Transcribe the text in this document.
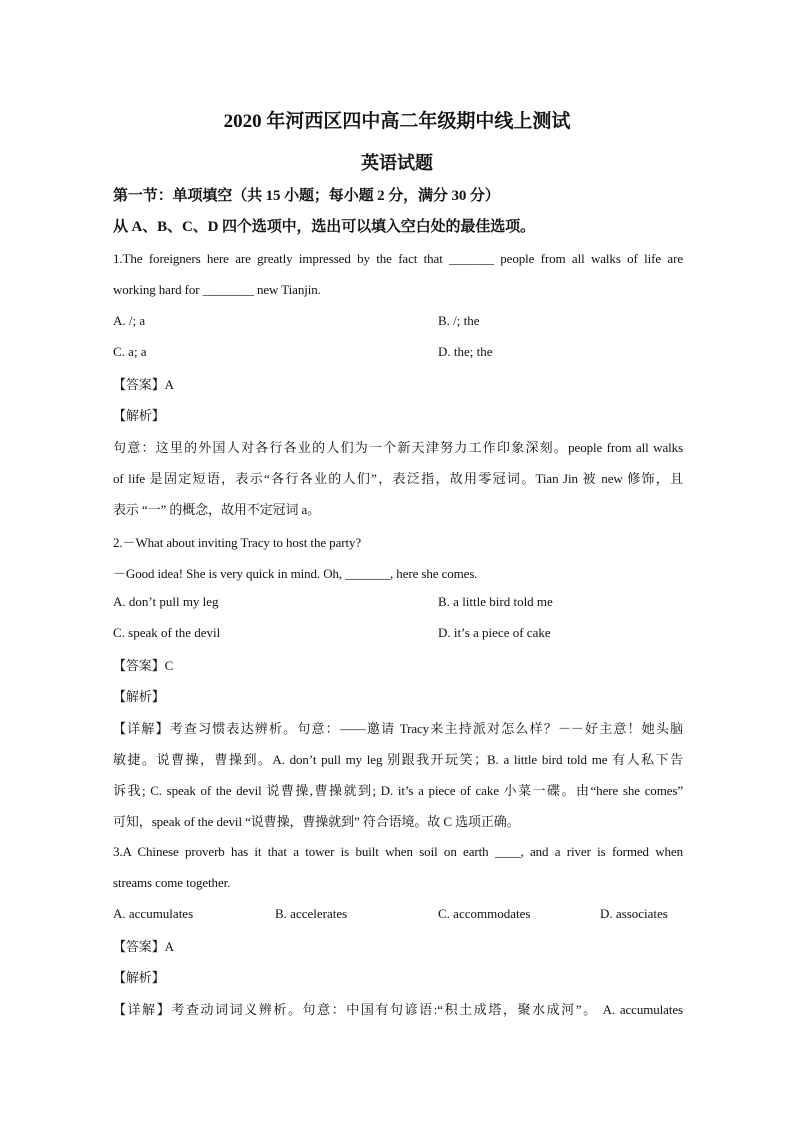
2020 年河西区四中高二年级期中线上测试
英语试题
第一节：单项填空（共 15 小题；每小题 2 分，满分 30 分）
从 A、B、C、D 四个选项中，选出可以填入空白处的最佳选项。
1.The foreigners here are greatly impressed by the fact that _______ people from all walks of life are
working hard for ________ new Tianjin.
A. /; a	B. /; the
C. a; a	D. the; the
【答案】A
【解析】
句意：这里的外国人对各行各业的人们为一个新天津努力工作印象深刻。people from all walks
of life 是固定短语，表示“各行各业的人们”，表泛指，故用零冠词。Tian Jin 被 new 修饰，且
表示 “一” 的概念，故用不定冠词 a。
2.－What about inviting Tracy to host the party?
－Good idea! She is very quick in mind. Oh, _______, here she comes.
A. don’t pull my leg	B. a little bird told me
C. speak of the devil	D. it’s a piece of cake
【答案】C
【解析】
【详解】考查习惯表达辨析。句意：——邀请 Tracy来主持派对怎么样？－－好主意！她头脑
敏捷。说曹操，曹操到。A. don’t pull my leg 别跟我开玩笑；B. a little bird told me 有人私下告
诉我; C. speak of the devil 说曹操,曹操就到; D. it’s a piece of cake 小菜一碟。由“here she comes”
可知，speak of the devil “说曹操，曹操就到” 符合语境。故 C 选项正确。
3.A Chinese proverb has it that a tower is built when soil on earth ____, and a river is formed when
streams come together.
A. accumulates	B. accelerates	C. accommodates	D. associates
【答案】A
【解析】
【详解】考查动词词义辨析。句意：中国有句谚语:“积土成塔，聚水成河”。 A. accumulates
